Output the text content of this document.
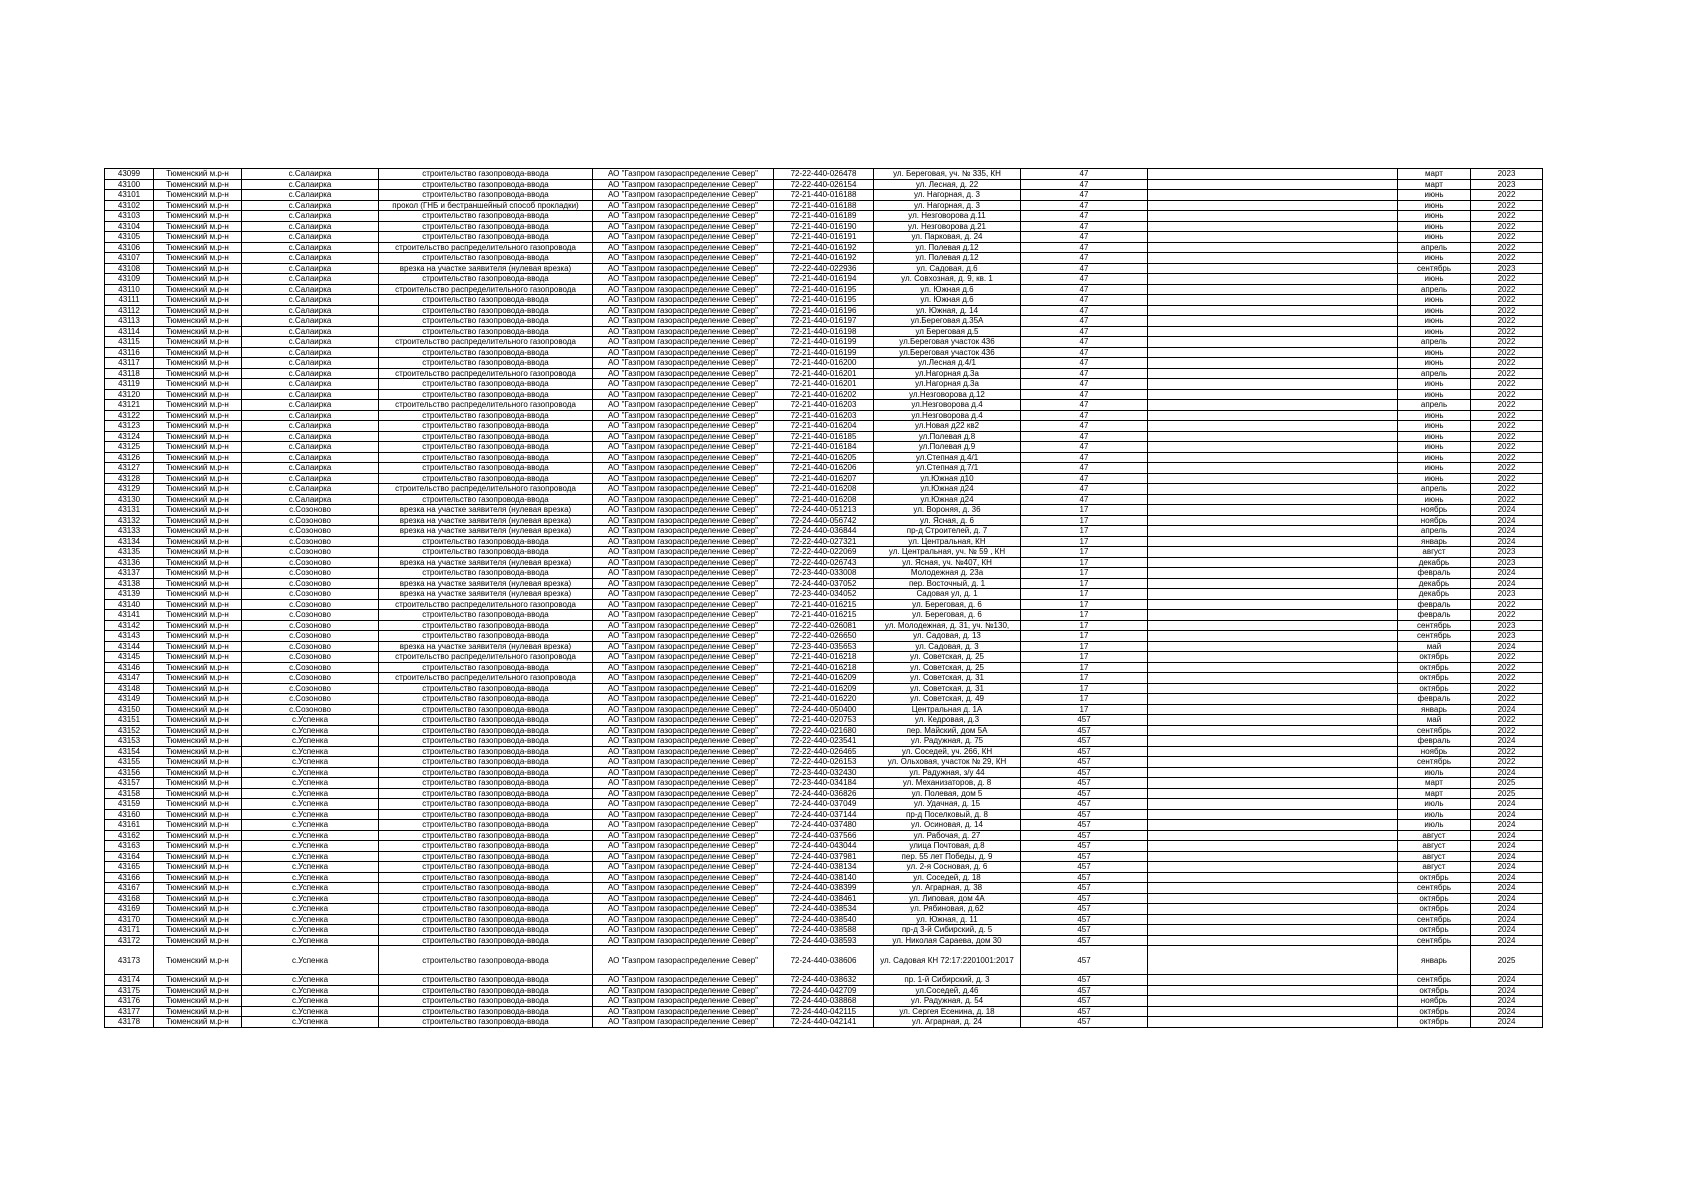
43099	Тюменский м.р-н	с.Салаирка	строительство газопровода-ввода	АО "Газпром газораспределение Север"	72-22-440-026478	ул. Береговая, уч. № 335, КН	47		март	2023
43100	Тюменский м.р-н	с.Салаирка	строительство газопровода-ввода	АО "Газпром газораспределение Север"	72-22-440-026154	ул. Лесная, д. 22	47		март	2023
43101	Тюменский м.р-н	с.Салаирка	строительство газопровода-ввода	АО "Газпром газораспределение Север"	72-21-440-016188	ул. Нагорная, д. 3	47		июнь	2022
43102	Тюменский м.р-н	с.Салаирка	прокол (ГНБ и бестраншейный способ прокладки)	АО "Газпром газораспределение Север"	72-21-440-016188	ул. Нагорная, д. 3	47		июнь	2022
43103	Тюменский м.р-н	с.Салаирка	строительство газопровода-ввода	АО "Газпром газораспределение Север"	72-21-440-016189	ул. Незговорова д.11	47		июнь	2022
43104	Тюменский м.р-н	с.Салаирка	строительство газопровода-ввода	АО "Газпром газораспределение Север"	72-21-440-016190	ул. Незговорова д.21	47		июнь	2022
43105	Тюменский м.р-н	с.Салаирка	строительство газопровода-ввода	АО "Газпром газораспределение Север"	72-21-440-016191	ул. Парковая, д. 24	47		июнь	2022
43106	Тюменский м.р-н	с.Салаирка	строительство распределительного газопровода	АО "Газпром газораспределение Север"	72-21-440-016192	ул. Полевая д.12	47		апрель	2022
43107	Тюменский м.р-н	с.Салаирка	строительство газопровода-ввода	АО "Газпром газораспределение Север"	72-21-440-016192	ул. Полевая д.12	47		июнь	2022
43108	Тюменский м.р-н	с.Салаирка	врезка на участке заявителя (нулевая врезка)	АО "Газпром газораспределение Север"	72-22-440-022936	ул. Садовая, д.6	47		сентябрь	2023
43109	Тюменский м.р-н	с.Салаирка	строительство газопровода-ввода	АО "Газпром газораспределение Север"	72-21-440-016194	ул. Совхозная, д. 9, кв. 1	47		июнь	2022
43110	Тюменский м.р-н	с.Салаирка	строительство распределительного газопровода	АО "Газпром газораспределение Север"	72-21-440-016195	ул. Южная д.6	47		апрель	2022
43111	Тюменский м.р-н	с.Салаирка	строительство газопровода-ввода	АО "Газпром газораспределение Север"	72-21-440-016195	ул. Южная д.6	47		июнь	2022
43112	Тюменский м.р-н	с.Салаирка	строительство газопровода-ввода	АО "Газпром газораспределение Север"	72-21-440-016196	ул. Южная, д. 14	47		июнь	2022
43113	Тюменский м.р-н	с.Салаирка	строительство газопровода-ввода	АО "Газпром газораспределение Север"	72-21-440-016197	ул.Береговая д.35А	47		июнь	2022
43114	Тюменский м.р-н	с.Салаирка	строительство газопровода-ввода	АО "Газпром газораспределение Север"	72-21-440-016198	ул Береговая д.5	47		июнь	2022
43115	Тюменский м.р-н	с.Салаирка	строительство распределительного газопровода	АО "Газпром газораспределение Север"	72-21-440-016199	ул.Береговая участок 436	47		апрель	2022
43116	Тюменский м.р-н	с.Салаирка	строительство газопровода-ввода	АО "Газпром газораспределение Север"	72-21-440-016199	ул.Береговая участок 436	47		июнь	2022
43117	Тюменский м.р-н	с.Салаирка	строительство газопровода-ввода	АО "Газпром газораспределение Север"	72-21-440-016200	ул.Лесная д.4/1	47		июнь	2022
43118	Тюменский м.р-н	с.Салаирка	строительство распределительного газопровода	АО "Газпром газораспределение Север"	72-21-440-016201	ул.Нагорная д.3а	47		апрель	2022
43119	Тюменский м.р-н	с.Салаирка	строительство газопровода-ввода	АО "Газпром газораспределение Север"	72-21-440-016201	ул.Нагорная д.3а	47		июнь	2022
43120	Тюменский м.р-н	с.Салаирка	строительство газопровода-ввода	АО "Газпром газораспределение Север"	72-21-440-016202	ул.Незговорова д.12	47		июнь	2022
43121	Тюменский м.р-н	с.Салаирка	строительство распределительного газопровода	АО "Газпром газораспределение Север"	72-21-440-016203	ул.Незговорова д.4	47		апрель	2022
43122	Тюменский м.р-н	с.Салаирка	строительство газопровода-ввода	АО "Газпром газораспределение Север"	72-21-440-016203	ул.Незговорова д.4	47		июнь	2022
43123	Тюменский м.р-н	с.Салаирка	строительство газопровода-ввода	АО "Газпром газораспределение Север"	72-21-440-016204	ул.Новая д22 кв2	47		июнь	2022
43124	Тюменский м.р-н	с.Салаирка	строительство газопровода-ввода	АО "Газпром газораспределение Север"	72-21-440-016185	ул.Полевая д.8	47		июнь	2022
43125	Тюменский м.р-н	с.Салаирка	строительство газопровода-ввода	АО "Газпром газораспределение Север"	72-21-440-016184	ул.Полевая д.9	47		июнь	2022
43126	Тюменский м.р-н	с.Салаирка	строительство газопровода-ввода	АО "Газпром газораспределение Север"	72-21-440-016205	ул.Степная д.4/1	47		июнь	2022
43127	Тюменский м.р-н	с.Салаирка	строительство газопровода-ввода	АО "Газпром газораспределение Север"	72-21-440-016206	ул.Степная д.7/1	47		июнь	2022
43128	Тюменский м.р-н	с.Салаирка	строительство газопровода-ввода	АО "Газпром газораспределение Север"	72-21-440-016207	ул.Южная д10	47		июнь	2022
43129	Тюменский м.р-н	с.Салаирка	строительство распределительного газопровода	АО "Газпром газораспределение Север"	72-21-440-016208	ул.Южная д24	47		апрель	2022
43130	Тюменский м.р-н	с.Салаирка	строительство газопровода-ввода	АО "Газпром газораспределение Север"	72-21-440-016208	ул.Южная д24	47		июнь	2022
43131	Тюменский м.р-н	с.Созоново	врезка на участке заявителя (нулевая врезка)	АО "Газпром газораспределение Север"	72-24-440-051213	ул. Вороняя, д. 36	17		ноябрь	2024
43132	Тюменский м.р-н	с.Созоново	врезка на участке заявителя (нулевая врезка)	АО "Газпром газораспределение Север"	72-24-440-056742	ул. Ясная, д. 6	17		ноябрь	2024
43133	Тюменский м.р-н	с.Созоново	врезка на участке заявителя (нулевая врезка)	АО "Газпром газораспределение Север"	72-24-440-036844	пр-д Строителей, д. 7	17		апрель	2024
43134	Тюменский м.р-н	с.Созоново	строительство газопровода-ввода	АО "Газпром газораспределение Север"	72-22-440-027321	ул. Центральная, КН	17		январь	2024
43135	Тюменский м.р-н	с.Созоново	строительство газопровода-ввода	АО "Газпром газораспределение Север"	72-22-440-022069	ул. Центральная, уч. № 59 , КН	17		август	2023
43136	Тюменский м.р-н	с.Созоново	врезка на участке заявителя (нулевая врезка)	АО "Газпром газораспределение Север"	72-22-440-026743	ул. Ясная, уч. №407, КН	17		декабрь	2023
43137	Тюменский м.р-н	с.Созоново	строительство газопровода-ввода	АО "Газпром газораспределение Север"	72-23-440-033008	Молодежная д. 23а	17		февраль	2024
43138	Тюменский м.р-н	с.Созоново	врезка на участке заявителя (нулевая врезка)	АО "Газпром газораспределение Север"	72-24-440-037052	пер. Восточный, д. 1	17		декабрь	2024
43139	Тюменский м.р-н	с.Созоново	врезка на участке заявителя (нулевая врезка)	АО "Газпром газораспределение Север"	72-23-440-034052	Садовая ул, д. 1	17		декабрь	2023
43140	Тюменский м.р-н	с.Созоново	строительство распределительного газопровода	АО "Газпром газораспределение Север"	72-21-440-016215	ул. Береговая, д. 6	17		февраль	2022
43141	Тюменский м.р-н	с.Созоново	строительство газопровода-ввода	АО "Газпром газораспределение Север"	72-21-440-016215	ул. Береговая, д. 6	17		февраль	2022
43142	Тюменский м.р-н	с.Созоново	строительство газопровода-ввода	АО "Газпром газораспределение Север"	72-22-440-026081	ул. Молодежная, д. 31, уч. №130,	17		сентябрь	2023
43143	Тюменский м.р-н	с.Созоново	строительство газопровода-ввода	АО "Газпром газораспределение Север"	72-22-440-026650	ул. Садовая, д. 13	17		сентябрь	2023
43144	Тюменский м.р-н	с.Созоново	врезка на участке заявителя (нулевая врезка)	АО "Газпром газораспределение Север"	72-23-440-035653	ул. Садовая, д. 3	17		май	2024
43145	Тюменский м.р-н	с.Созоново	строительство распределительного газопровода	АО "Газпром газораспределение Север"	72-21-440-016218	ул. Советская, д. 25	17		октябрь	2022
43146	Тюменский м.р-н	с.Созоново	строительство газопровода-ввода	АО "Газпром газораспределение Север"	72-21-440-016218	ул. Советская, д. 25	17		октябрь	2022
43147	Тюменский м.р-н	с.Созоново	строительство распределительного газопровода	АО "Газпром газораспределение Север"	72-21-440-016209	ул. Советская, д. 31	17		октябрь	2022
43148	Тюменский м.р-н	с.Созоново	строительство газопровода-ввода	АО "Газпром газораспределение Север"	72-21-440-016209	ул. Советская, д. 31	17		октябрь	2022
43149	Тюменский м.р-н	с.Созоново	строительство газопровода-ввода	АО "Газпром газораспределение Север"	72-21-440-016220	ул. Советская, д. 49	17		февраль	2022
43150	Тюменский м.р-н	с.Созоново	строительство газопровода-ввода	АО "Газпром газораспределение Север"	72-24-440-050400	Центральная д. 1А	17		январь	2024
43151	Тюменский м.р-н	с.Успенка	строительство газопровода-ввода	АО "Газпром газораспределение Север"	72-21-440-020753	ул. Кедровая, д.3	457		май	2022
43152	Тюменский м.р-н	с.Успенка	строительство газопровода-ввода	АО "Газпром газораспределение Север"	72-22-440-021680	пер. Майский, дом 5А	457		сентябрь	2022
43153	Тюменский м.р-н	с.Успенка	строительство газопровода-ввода	АО "Газпром газораспределение Север"	72-22-440-023541	ул. Радужная, д. 75	457		февраль	2024
43154	Тюменский м.р-н	с.Успенка	строительство газопровода-ввода	АО "Газпром газораспределение Север"	72-22-440-026465	ул. Соседей, уч. 266, КН	457		ноябрь	2022
43155	Тюменский м.р-н	с.Успенка	строительство газопровода-ввода	АО "Газпром газораспределение Север"	72-22-440-026153	ул. Ольховая, участок № 29, КН	457		сентябрь	2022
43156	Тюменский м.р-н	с.Успенка	строительство газопровода-ввода	АО "Газпром газораспределение Север"	72-23-440-032430	ул. Радужная, з/у 44	457		июль	2024
43157	Тюменский м.р-н	с.Успенка	строительство газопровода-ввода	АО "Газпром газораспределение Север"	72-23-440-034184	ул. Механизаторов, д. 8	457		март	2025
43158	Тюменский м.р-н	с.Успенка	строительство газопровода-ввода	АО "Газпром газораспределение Север"	72-24-440-036826	ул. Полевая, дом 5	457		март	2025
43159	Тюменский м.р-н	с.Успенка	строительство газопровода-ввода	АО "Газпром газораспределение Север"	72-24-440-037049	ул. Удачная, д. 15	457		июль	2024
43160	Тюменский м.р-н	с.Успенка	строительство газопровода-ввода	АО "Газпром газораспределение Север"	72-24-440-037144	пр-д Поселковый, д. 8	457		июль	2024
43161	Тюменский м.р-н	с.Успенка	строительство газопровода-ввода	АО "Газпром газораспределение Север"	72-24-440-037480	ул. Осиновая, д. 14	457		июль	2024
43162	Тюменский м.р-н	с.Успенка	строительство газопровода-ввода	АО "Газпром газораспределение Север"	72-24-440-037566	ул. Рабочая, д. 27	457		август	2024
43163	Тюменский м.р-н	с.Успенка	строительство газопровода-ввода	АО "Газпром газораспределение Север"	72-24-440-043044	улица Почтовая, д.8	457		август	2024
43164	Тюменский м.р-н	с.Успенка	строительство газопровода-ввода	АО "Газпром газораспределение Север"	72-24-440-037981	пер. 55 лет Победы, д. 9	457		август	2024
43165	Тюменский м.р-н	с.Успенка	строительство газопровода-ввода	АО "Газпром газораспределение Север"	72-24-440-038134	ул. 2-я Сосновая, д. 6	457		август	2024
43166	Тюменский м.р-н	с.Успенка	строительство газопровода-ввода	АО "Газпром газораспределение Север"	72-24-440-038140	ул. Соседей, д. 18	457		октябрь	2024
43167	Тюменский м.р-н	с.Успенка	строительство газопровода-ввода	АО "Газпром газораспределение Север"	72-24-440-038399	ул. Аграрная, д. 38	457		сентябрь	2024
43168	Тюменский м.р-н	с.Успенка	строительство газопровода-ввода	АО "Газпром газораспределение Север"	72-24-440-038461	ул. Липовая, дом 4А	457		октябрь	2024
43169	Тюменский м.р-н	с.Успенка	строительство газопровода-ввода	АО "Газпром газораспределение Север"	72-24-440-038534	ул. Рябиновая, д.62	457		октябрь	2024
43170	Тюменский м.р-н	с.Успенка	строительство газопровода-ввода	АО "Газпром газораспределение Север"	72-24-440-038540	ул. Южная, д. 11	457		сентябрь	2024
43171	Тюменский м.р-н	с.Успенка	строительство газопровода-ввода	АО "Газпром газораспределение Север"	72-24-440-038588	пр-д 3-й Сибирский, д. 5	457		октябрь	2024
43172	Тюменский м.р-н	с.Успенка	строительство газопровода-ввода	АО "Газпром газораспределение Север"	72-24-440-038593	ул. Николая Сараева, дом 30	457		сентябрь	2024
43173	Тюменский м.р-н	с.Успенка	строительство газопровода-ввода	АО "Газпром газораспределение Север"	72-24-440-038606	ул. Садовая КН 72:17:2201001:2017	457		январь	2025
43174	Тюменский м.р-н	с.Успенка	строительство газопровода-ввода	АО "Газпром газораспределение Север"	72-24-440-038632	пр. 1-й Сибирский, д. 3	457		сентябрь	2024
43175	Тюменский м.р-н	с.Успенка	строительство газопровода-ввода	АО "Газпром газораспределение Север"	72-24-440-042709	ул.Соседей, д.46	457		октябрь	2024
43176	Тюменский м.р-н	с.Успенка	строительство газопровода-ввода	АО "Газпром газораспределение Север"	72-24-440-038868	ул. Радужная, д. 54	457		ноябрь	2024
43177	Тюменский м.р-н	с.Успенка	строительство газопровода-ввода	АО "Газпром газораспределение Север"	72-24-440-042115	ул. Сергея Есенина, д. 18	457		октябрь	2024
43178	Тюменский м.р-н	с.Успенка	строительство газопровода-ввода	АО "Газпром газораспределение Север"	72-24-440-042141	ул. Аграрная, д. 24	457		октябрь	2024
